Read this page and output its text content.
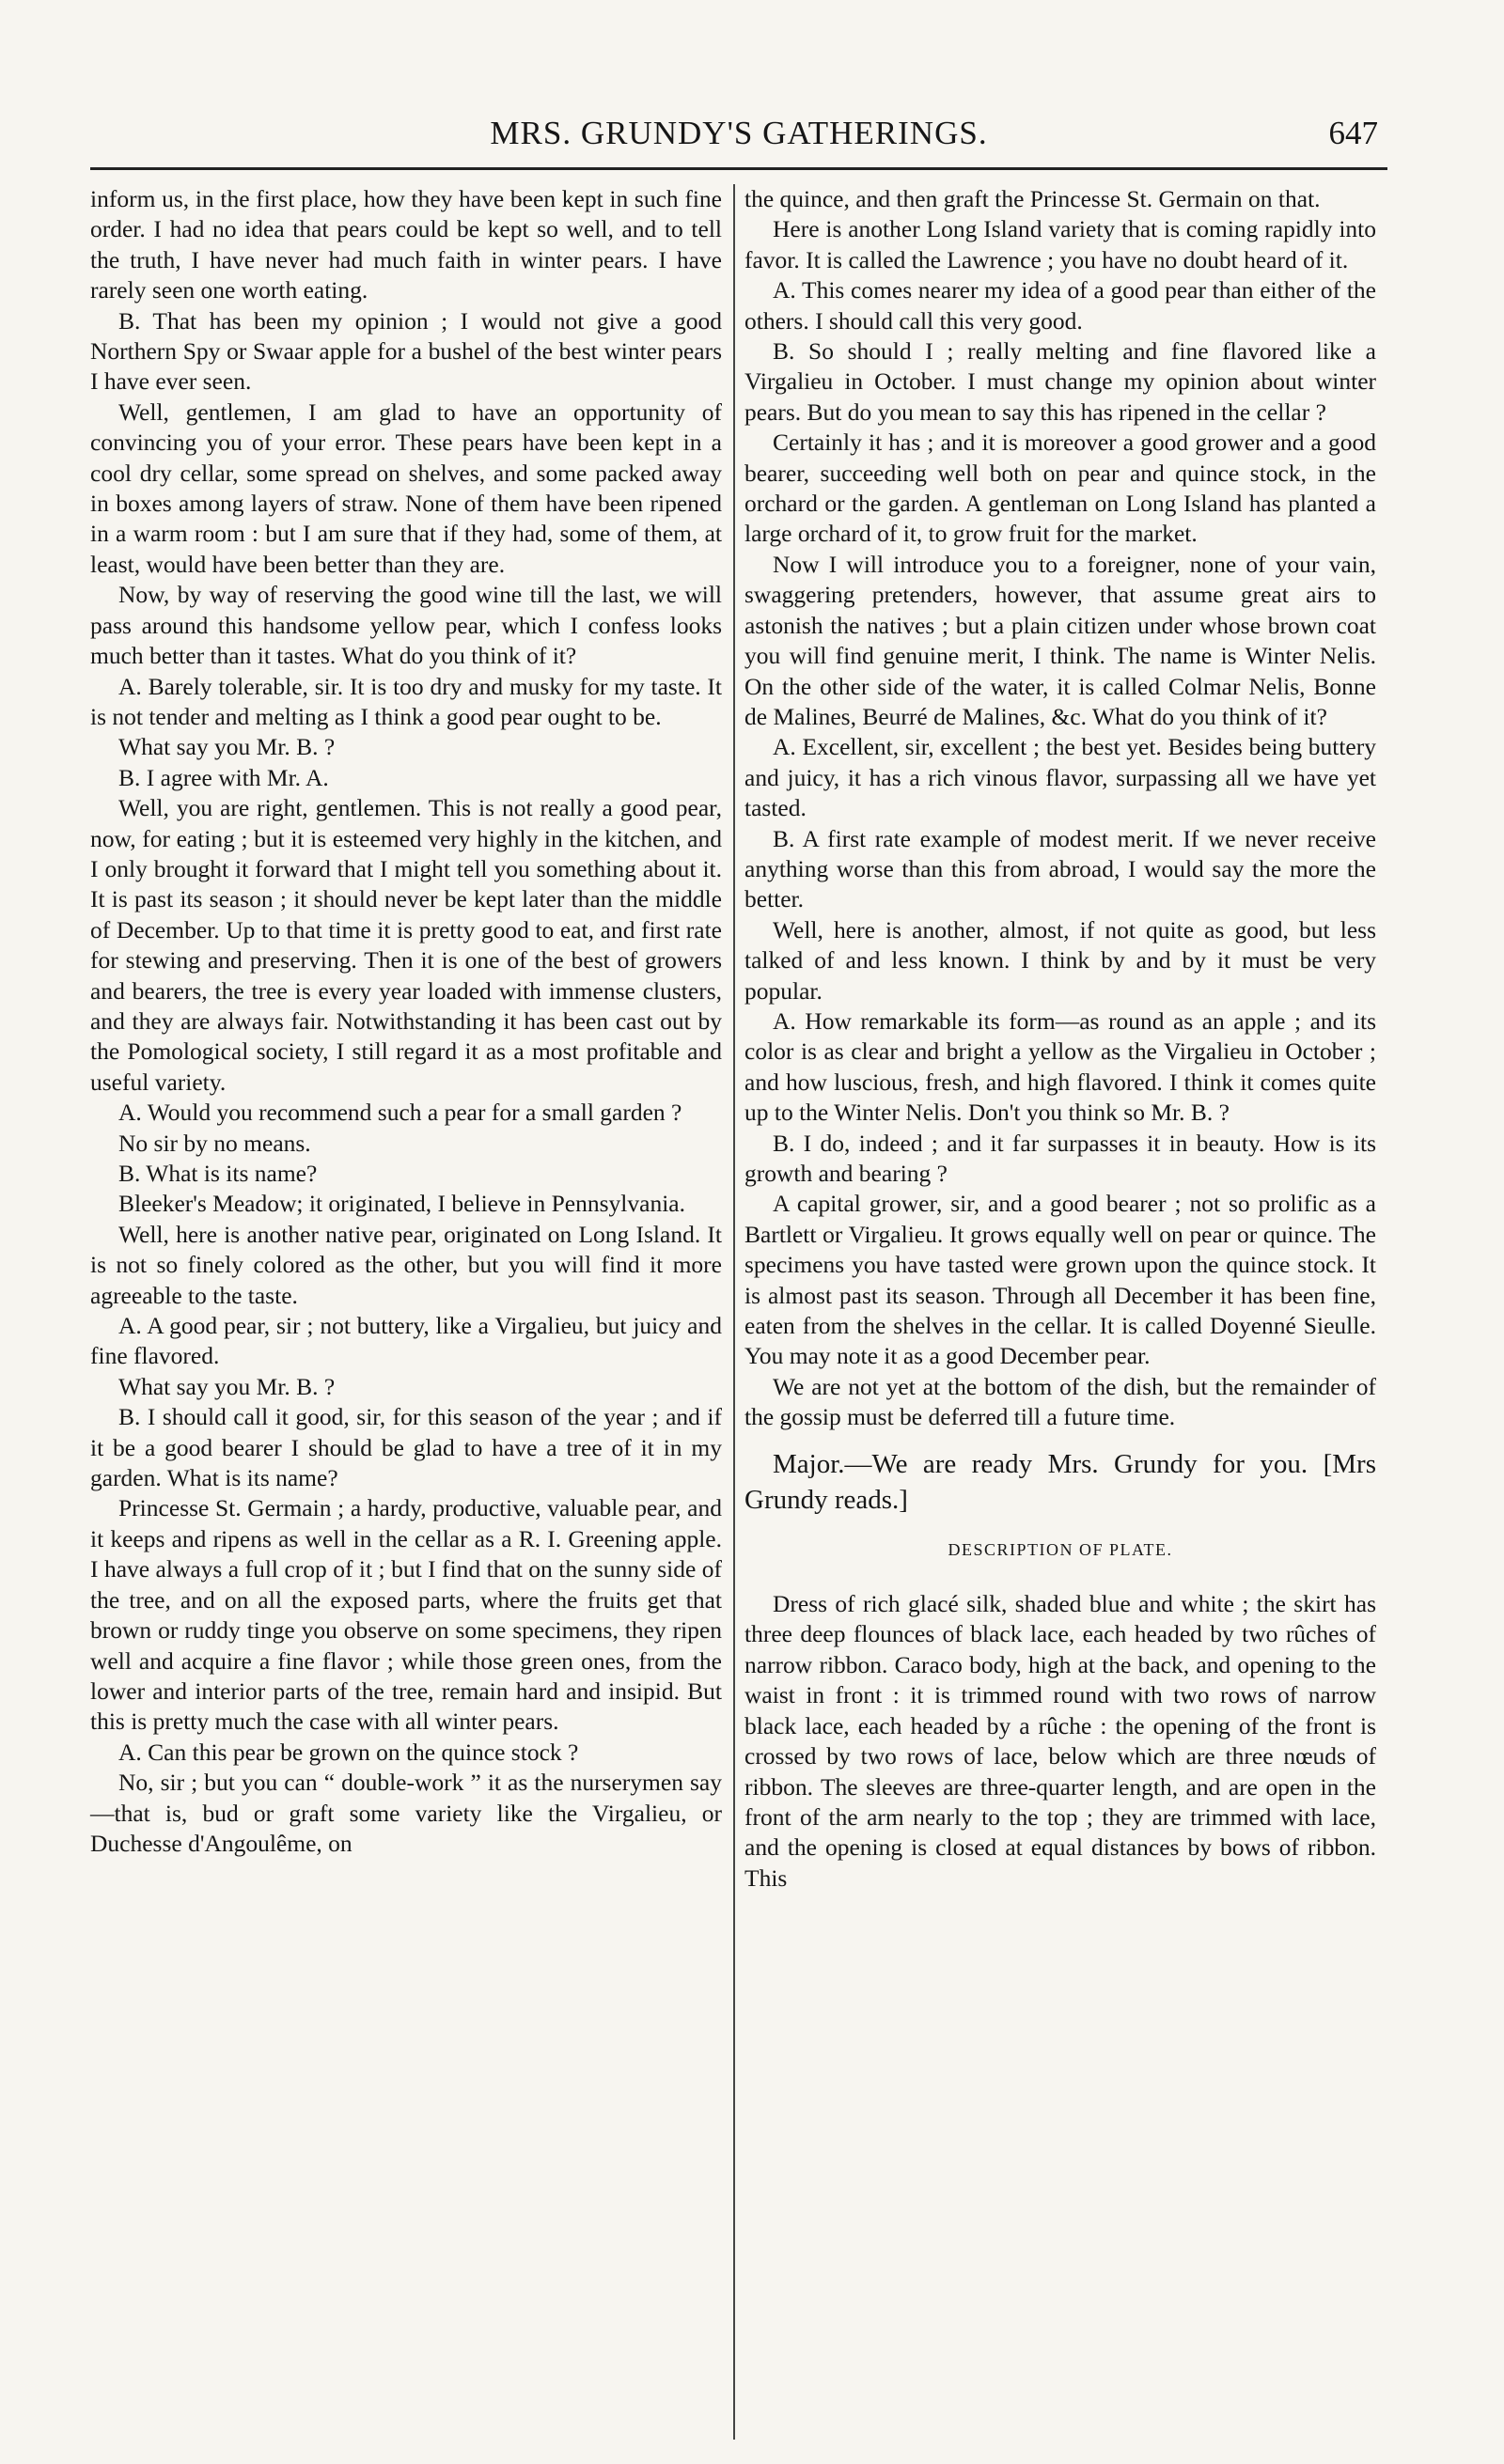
MRS. GRUNDY'S GATHERINGS.	647

inform us, in the first place, how they have been kept in such fine order. I had no idea that pears could be kept so well, and to tell the truth, I have never had much faith in winter pears. I have rarely seen one worth eating.

B. That has been my opinion ; I would not give a good Northern Spy or Swaar apple for a bushel of the best winter pears I have ever seen.

Well, gentlemen, I am glad to have an opportunity of convincing you of your error. These pears have been kept in a cool dry cellar, some spread on shelves, and some packed away in boxes among layers of straw. None of them have been ripened in a warm room : but I am sure that if they had, some of them, at least, would have been better than they are.

Now, by way of reserving the good wine till the last, we will pass around this handsome yellow pear, which I confess looks much better than it tastes. What do you think of it?

A. Barely tolerable, sir. It is too dry and musky for my taste. It is not tender and melting as I think a good pear ought to be.

What say you Mr. B. ?

B. I agree with Mr. A.

Well, you are right, gentlemen. This is not really a good pear, now, for eating ; but it is esteemed very highly in the kitchen, and I only brought it forward that I might tell you something about it. It is past its season ; it should never be kept later than the middle of December. Up to that time it is pretty good to eat, and first rate for stewing and preserving. Then it is one of the best of growers and bearers, the tree is every year loaded with immense clusters, and they are always fair. Notwithstanding it has been cast out by the Pomological society, I still regard it as a most profitable and useful variety.

A. Would you recommend such a pear for a small garden ?

No sir by no means.

B. What is its name?

Bleeker's Meadow; it originated, I believe in Pennsylvania.

Well, here is another native pear, originated on Long Island. It is not so finely colored as the other, but you will find it more agreeable to the taste.

A. A good pear, sir ; not buttery, like a Virgalieu, but juicy and fine flavored.

What say you Mr. B. ?

B. I should call it good, sir, for this season of the year ; and if it be a good bearer I should be glad to have a tree of it in my garden. What is its name?

Princesse St. Germain ; a hardy, productive, valuable pear, and it keeps and ripens as well in the cellar as a R. I. Greening apple. I have always a full crop of it ; but I find that on the sunny side of the tree, and on all the exposed parts, where the fruits get that brown or ruddy tinge you observe on some specimens, they ripen well and acquire a fine flavor ; while those green ones, from the lower and interior parts of the tree, remain hard and insipid. But this is pretty much the case with all winter pears.

A. Can this pear be grown on the quince stock ?

No, sir ; but you can “ double-work ” it as the nurserymen say—that is, bud or graft some variety like the Virgalieu, or Duchesse d'Angoulême, on

the quince, and then graft the Princesse St. Germain on that.

Here is another Long Island variety that is coming rapidly into favor. It is called the Lawrence ; you have no doubt heard of it.

A. This comes nearer my idea of a good pear than either of the others. I should call this very good.

B. So should I ; really melting and fine flavored like a Virgalieu in October. I must change my opinion about winter pears. But do you mean to say this has ripened in the cellar ?

Certainly it has ; and it is moreover a good grower and a good bearer, succeeding well both on pear and quince stock, in the orchard or the garden. A gentleman on Long Island has planted a large orchard of it, to grow fruit for the market.

Now I will introduce you to a foreigner, none of your vain, swaggering pretenders, however, that assume great airs to astonish the natives ; but a plain citizen under whose brown coat you will find genuine merit, I think. The name is Winter Nelis. On the other side of the water, it is called Colmar Nelis, Bonne de Malines, Beurré de Malines, &c. What do you think of it?

A. Excellent, sir, excellent ; the best yet. Besides being buttery and juicy, it has a rich vinous flavor, surpassing all we have yet tasted.

B. A first rate example of modest merit. If we never receive anything worse than this from abroad, I would say the more the better.

Well, here is another, almost, if not quite as good, but less talked of and less known. I think by and by it must be very popular.

A. How remarkable its form—as round as an apple ; and its color is as clear and bright a yellow as the Virgalieu in October ; and how luscious, fresh, and high flavored. I think it comes quite up to the Winter Nelis. Don't you think so Mr. B. ?

B. I do, indeed ; and it far surpasses it in beauty. How is its growth and bearing ?

A capital grower, sir, and a good bearer ; not so prolific as a Bartlett or Virgalieu. It grows equally well on pear or quince. The specimens you have tasted were grown upon the quince stock. It is almost past its season. Through all December it has been fine, eaten from the shelves in the cellar. It is called Doyenné Sieulle. You may note it as a good December pear.

We are not yet at the bottom of the dish, but the remainder of the gossip must be deferred till a future time.

Major.—We are ready Mrs. Grundy for you. [Mrs Grundy reads.]

DESCRIPTION OF PLATE.

Dress of rich glacé silk, shaded blue and white ; the skirt has three deep flounces of black lace, each headed by two rûches of narrow ribbon. Caraco body, high at the back, and opening to the waist in front : it is trimmed round with two rows of narrow black lace, each headed by a rûche : the opening of the front is crossed by two rows of lace, below which are three nœuds of ribbon. The sleeves are three-quarter length, and are open in the front of the arm nearly to the top ; they are trimmed with lace, and the opening is closed at equal distances by bows of ribbon. This
